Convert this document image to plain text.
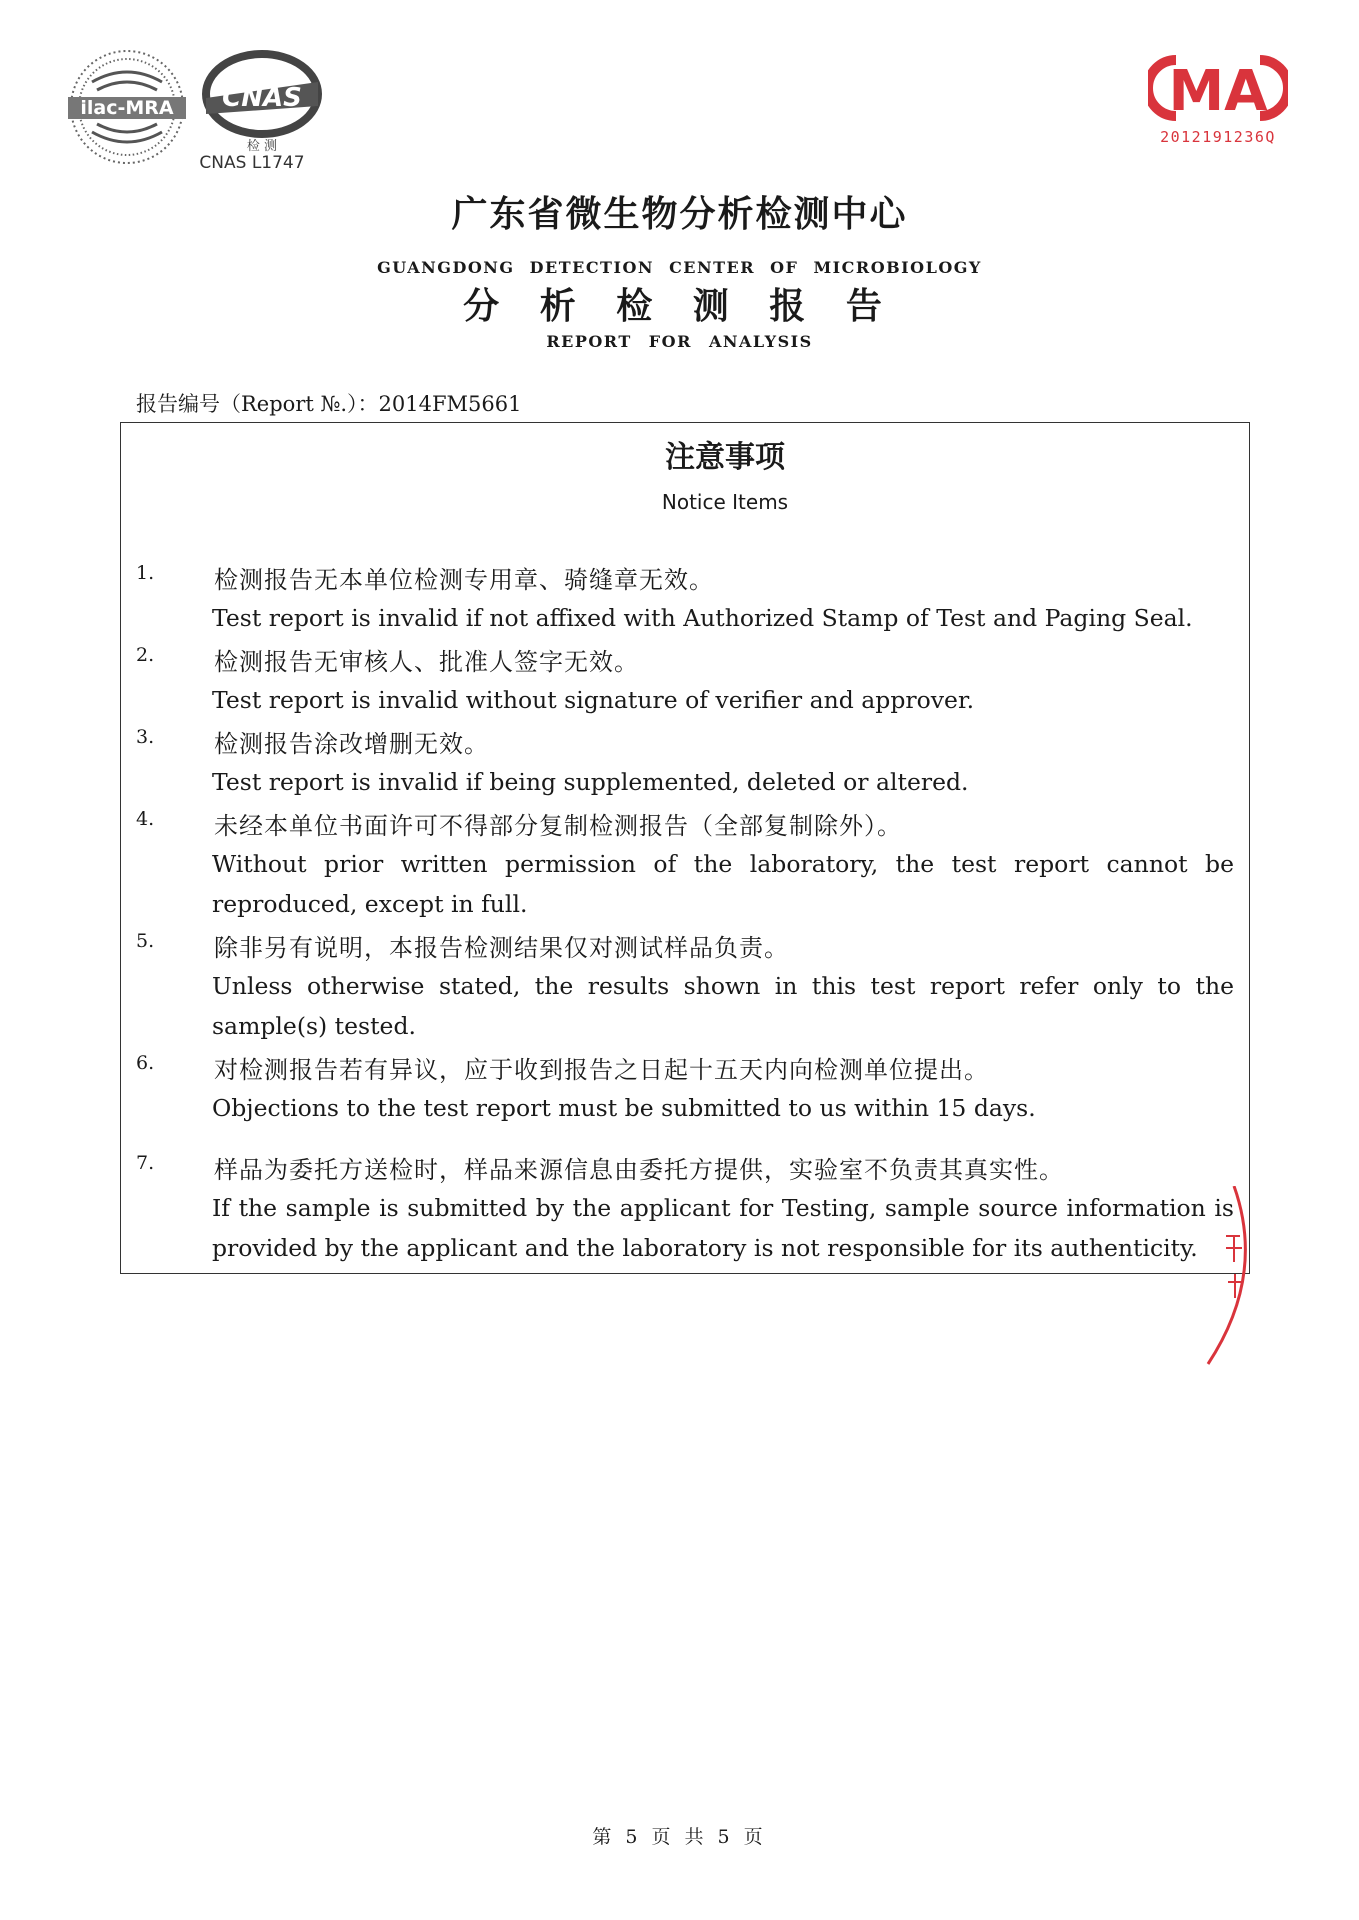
ilac-MRA CNAS
检 测
CNAS L1747
MA
2012191236Q
广东省微生物分析检测中心
GUANGDONG DETECTION CENTER OF MICROBIOLOGY
分 析 检 测 报 告
REPORT FOR ANALYSIS
报告编号（Report №.）：2014FM5661
注意事项
Notice Items
1. 检测报告无本单位检测专用章、骑缝章无效。
Test report is invalid if not affixed with Authorized Stamp of Test and Paging Seal.
2. 检测报告无审核人、批准人签字无效。
Test report is invalid without signature of verifier and approver.
3. 检测报告涂改增删无效。
Test report is invalid if being supplemented, deleted or altered.
4. 未经本单位书面许可不得部分复制检测报告（全部复制除外）。
Without prior written permission of the laboratory, the test report cannot be reproduced, except in full.
5. 除非另有说明，本报告检测结果仅对测试样品负责。
Unless otherwise stated, the results shown in this test report refer only to the sample(s) tested.
6. 对检测报告若有异议，应于收到报告之日起十五天内向检测单位提出。
Objections to the test report must be submitted to us within 15 days.
7. 样品为委托方送检时，样品来源信息由委托方提供，实验室不负责其真实性。
If the sample is submitted by the applicant for Testing, sample source information is provided by the applicant and the laboratory is not responsible for its authenticity.
第 5 页 共 5 页
